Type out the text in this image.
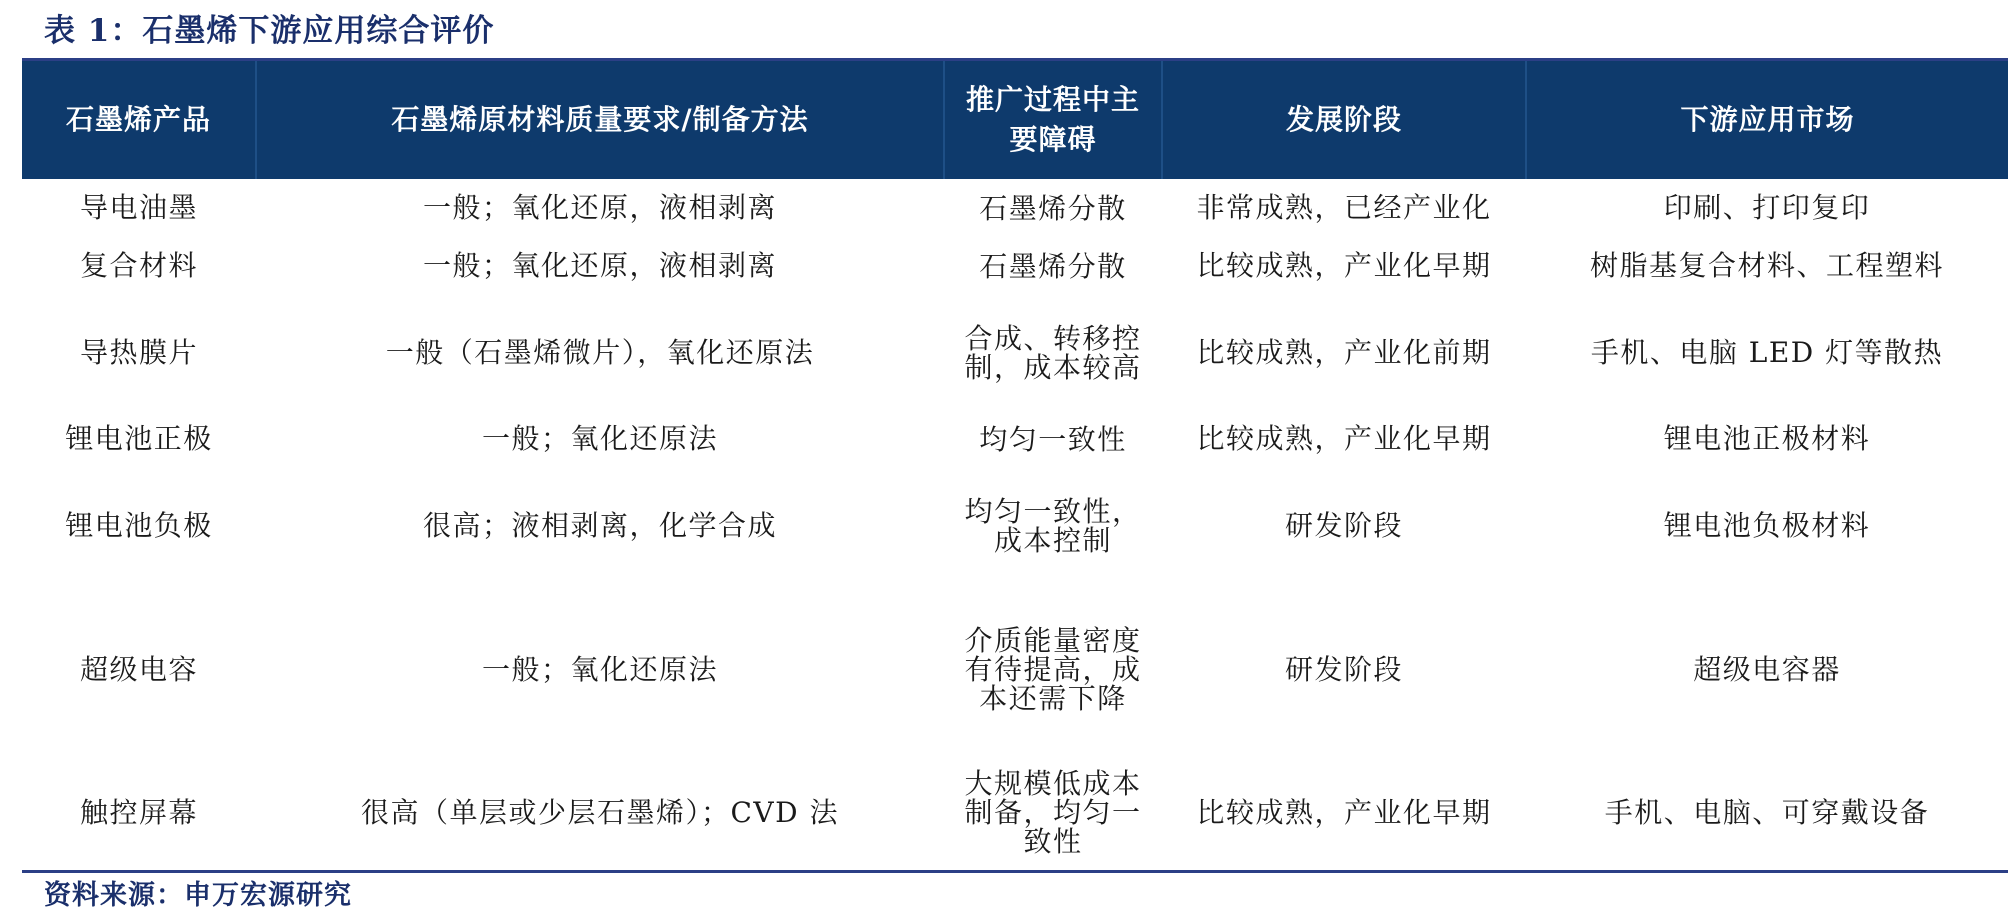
表 1：石墨烯下游应用综合评价
石墨烯产品	石墨烯原材料质量要求/制备方法	推广过程中主要障碍	发展阶段	下游应用市场
导电油墨	一般；氧化还原，液相剥离	石墨烯分散	非常成熟，已经产业化	印刷、打印复印
复合材料	一般；氧化还原，液相剥离	石墨烯分散	比较成熟，产业化早期	树脂基复合材料、工程塑料
导热膜片	一般（石墨烯微片），氧化还原法	合成、转移控制，成本较高	比较成熟，产业化前期	手机、电脑 LED 灯等散热
锂电池正极	一般；氧化还原法	均匀一致性	比较成熟，产业化早期	锂电池正极材料
锂电池负极	很高；液相剥离，化学合成	均匀一致性，成本控制	研发阶段	锂电池负极材料
超级电容	一般；氧化还原法	介质能量密度有待提高，成本还需下降	研发阶段	超级电容器
触控屏幕	很高（单层或少层石墨烯）；CVD 法	大规模低成本制备，均匀一致性	比较成熟，产业化早期	手机、电脑、可穿戴设备
资料来源：申万宏源研究
